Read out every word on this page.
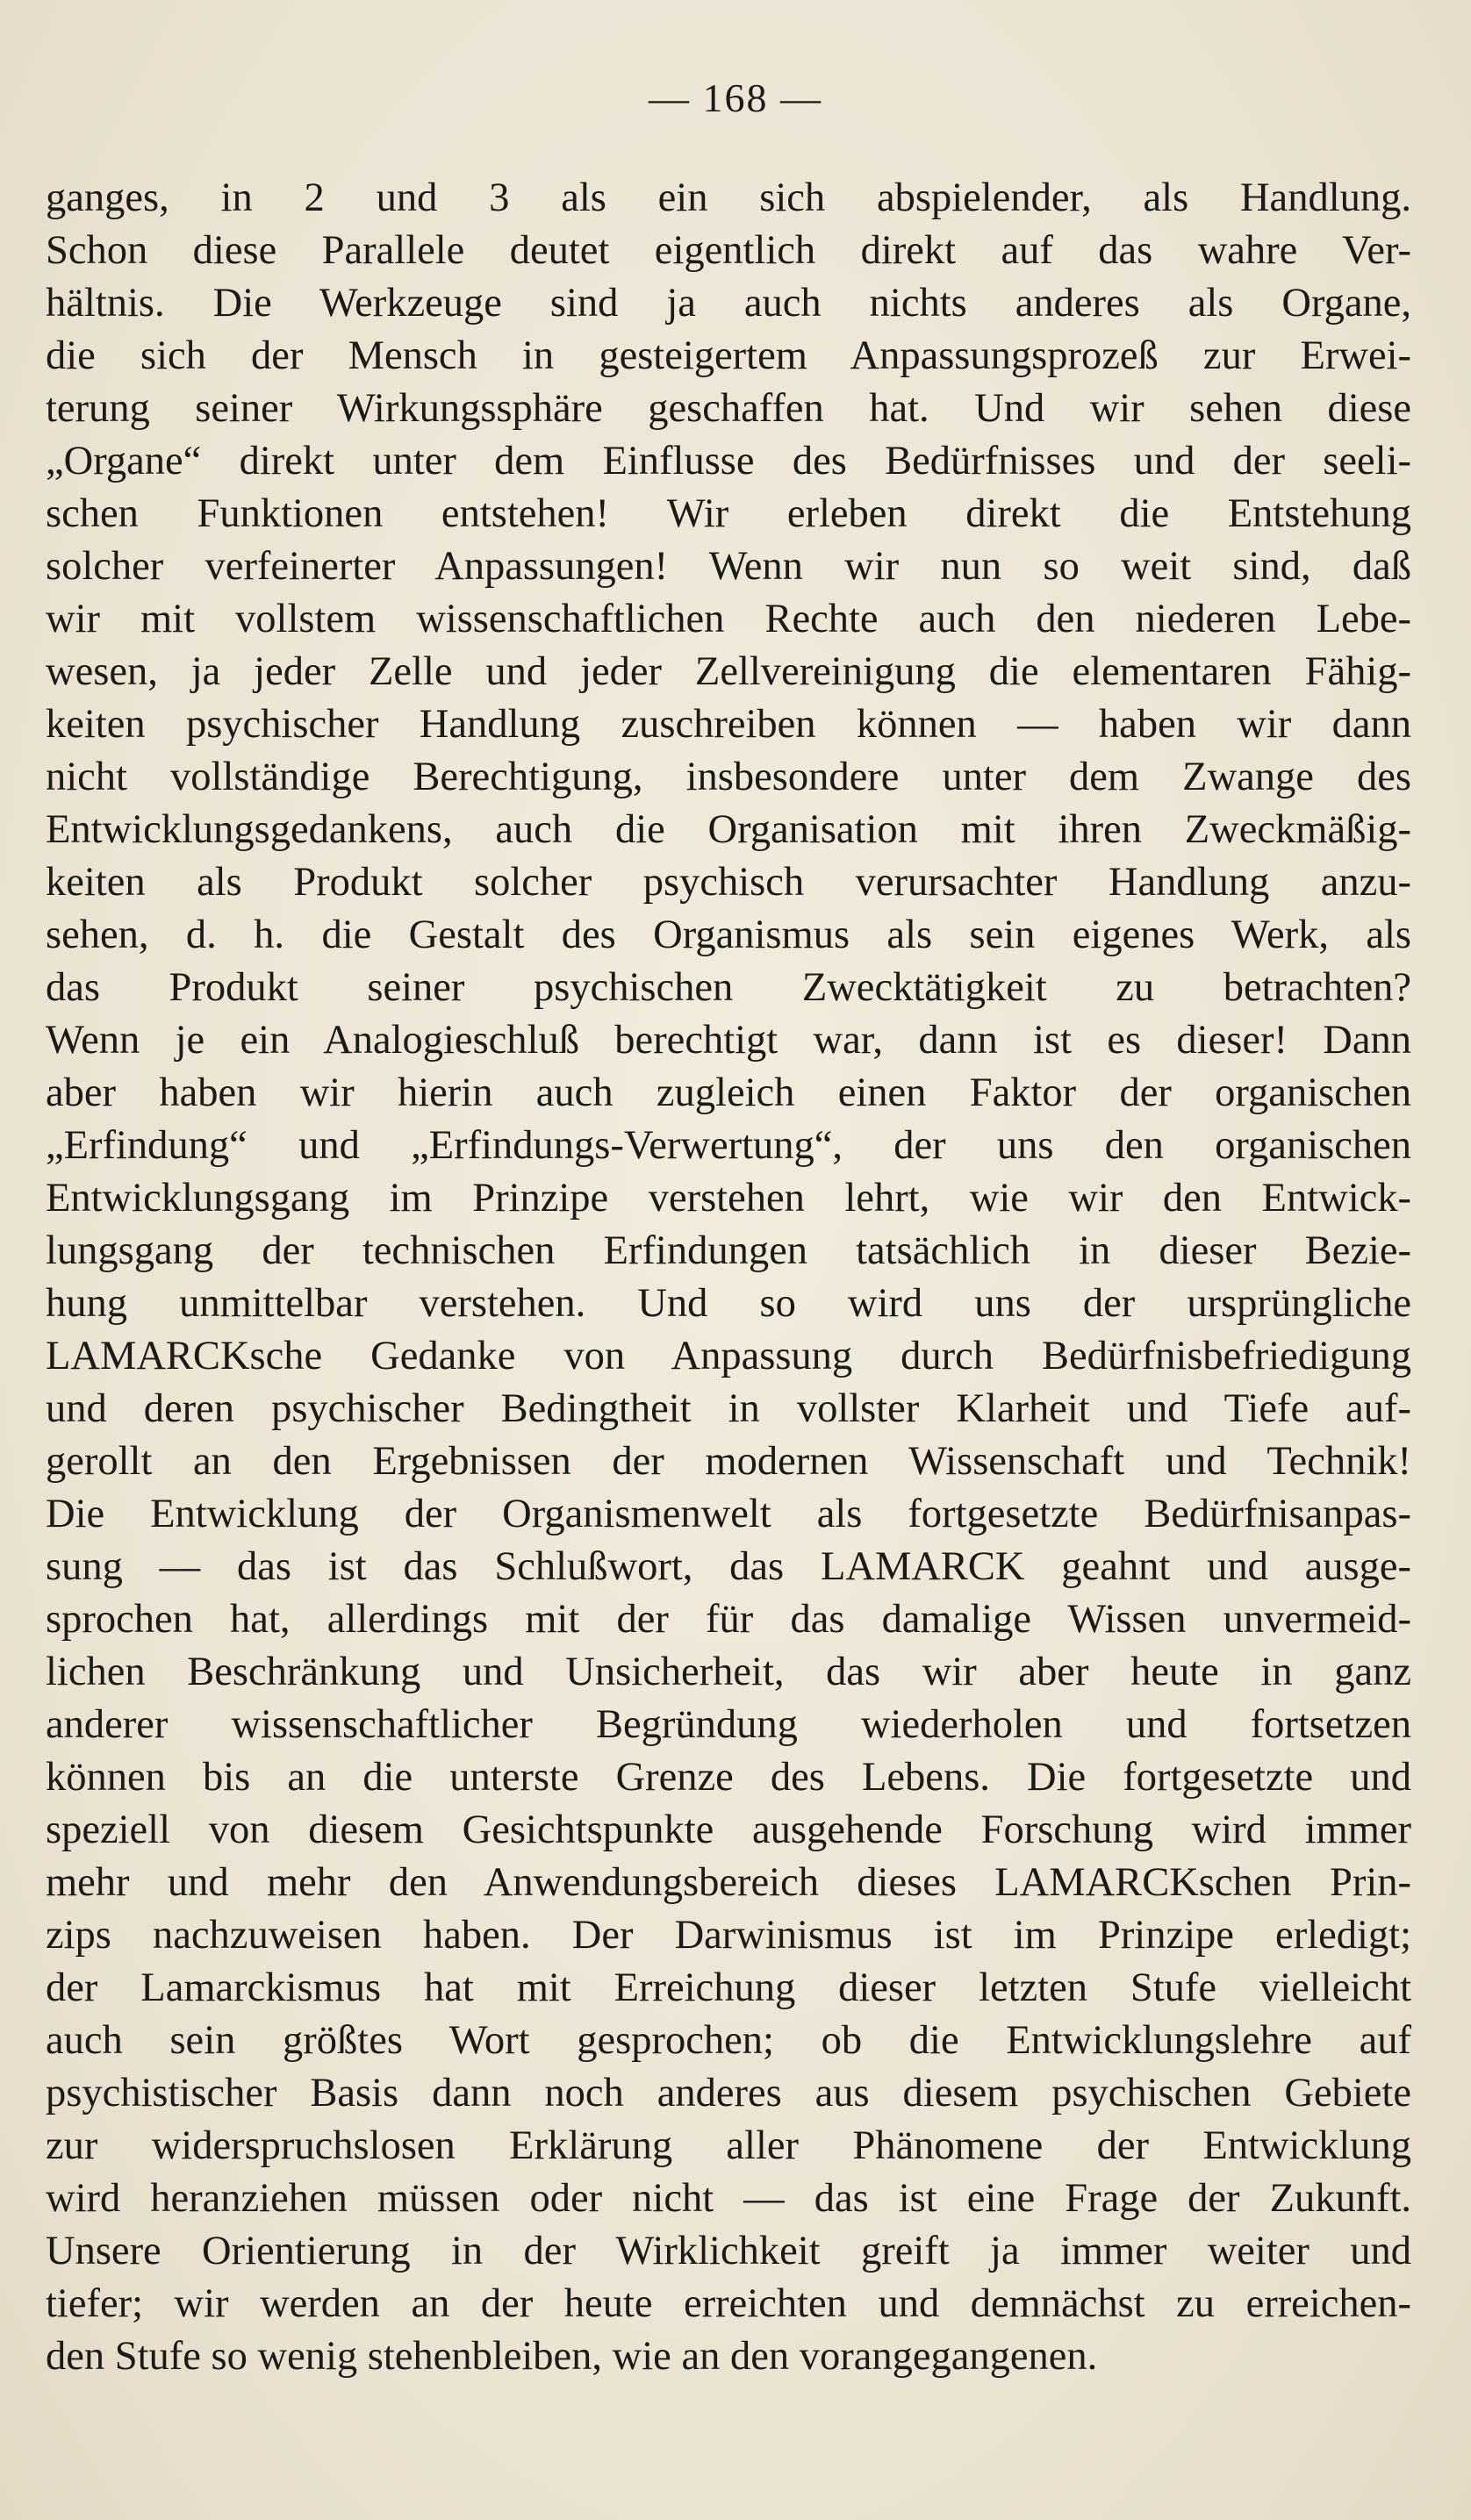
— 168 —
ganges, in 2 und 3 als ein sich abspielender, als Handlung.
Schon diese Parallele deutet eigentlich direkt auf das wahre Ver-
hältnis. Die Werkzeuge sind ja auch nichts anderes als Organe,
die sich der Mensch in gesteigertem Anpassungsprozeß zur Erwei-
terung seiner Wirkungssphäre geschaffen hat. Und wir sehen diese
„Organe“ direkt unter dem Einflusse des Bedürfnisses und der seeli-
schen Funktionen entstehen! Wir erleben direkt die Entstehung
solcher verfeinerter Anpassungen! Wenn wir nun so weit sind, daß
wir mit vollstem wissenschaftlichen Rechte auch den niederen Lebe-
wesen, ja jeder Zelle und jeder Zellvereinigung die elementaren Fähig-
keiten psychischer Handlung zuschreiben können — haben wir dann
nicht vollständige Berechtigung, insbesondere unter dem Zwange des
Entwicklungsgedankens, auch die Organisation mit ihren Zweckmäßig-
keiten als Produkt solcher psychisch verursachter Handlung anzu-
sehen, d. h. die Gestalt des Organismus als sein eigenes Werk, als
das Produkt seiner psychischen Zwecktätigkeit zu betrachten?
Wenn je ein Analogieschluß berechtigt war, dann ist es dieser! Dann
aber haben wir hierin auch zugleich einen Faktor der organischen
„Erfindung“ und „Erfindungs-Verwertung“, der uns den organischen
Entwicklungsgang im Prinzipe verstehen lehrt, wie wir den Entwick-
lungsgang der technischen Erfindungen tatsächlich in dieser Bezie-
hung unmittelbar verstehen. Und so wird uns der ursprüngliche
LAMARCKsche Gedanke von Anpassung durch Bedürfnisbefriedigung
und deren psychischer Bedingtheit in vollster Klarheit und Tiefe auf-
gerollt an den Ergebnissen der modernen Wissenschaft und Technik!
Die Entwicklung der Organismenwelt als fortgesetzte Bedürfnisanpas-
sung — das ist das Schlußwort, das LAMARCK geahnt und ausge-
sprochen hat, allerdings mit der für das damalige Wissen unvermeid-
lichen Beschränkung und Unsicherheit, das wir aber heute in ganz
anderer wissenschaftlicher Begründung wiederholen und fortsetzen
können bis an die unterste Grenze des Lebens. Die fortgesetzte und
speziell von diesem Gesichtspunkte ausgehende Forschung wird immer
mehr und mehr den Anwendungsbereich dieses LAMARCKschen Prin-
zips nachzuweisen haben. Der Darwinismus ist im Prinzipe erledigt;
der Lamarckismus hat mit Erreichung dieser letzten Stufe vielleicht
auch sein größtes Wort gesprochen; ob die Entwicklungslehre auf
psychistischer Basis dann noch anderes aus diesem psychischen Gebiete
zur widerspruchslosen Erklärung aller Phänomene der Entwicklung
wird heranziehen müssen oder nicht — das ist eine Frage der Zukunft.
Unsere Orientierung in der Wirklichkeit greift ja immer weiter und
tiefer; wir werden an der heute erreichten und demnächst zu erreichen-
den Stufe so wenig stehenbleiben, wie an den vorangegangenen.
